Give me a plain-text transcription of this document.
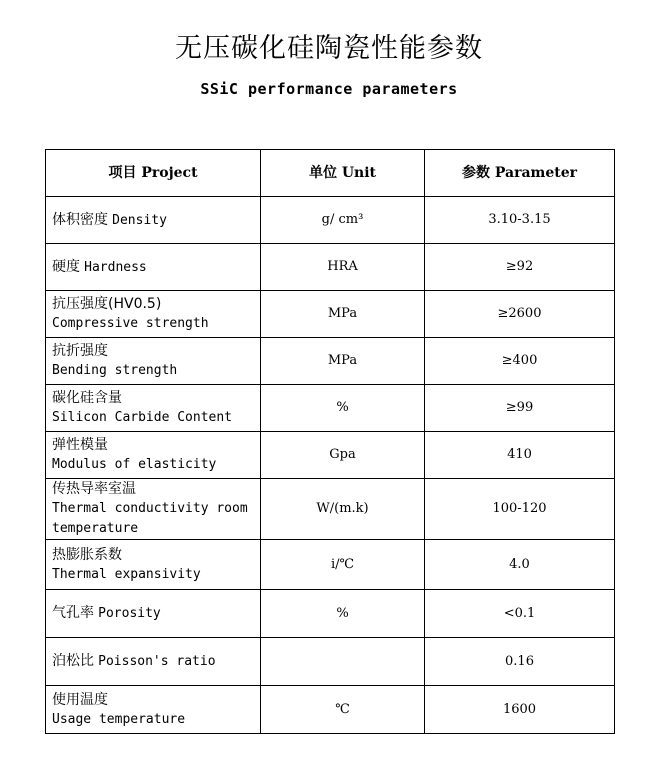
无压碳化硅陶瓷性能参数
SSiC performance parameters
项目 Project	单位 Unit	参数 Parameter
体积密度 Density	g/ cm³	3.10-3.15
硬度 Hardness	HRA	≥92

抗压强度(HV0.5)
Compressive strength	MPa	≥2600

抗折强度
Bending strength	MPa	≥400

碳化硅含量
Silicon Carbide Content	%	≥99

弹性模量
Modulus of elasticity	Gpa	410

传热导率室温
Thermal conductivity room temperature	W/(m.k)	100-120

热膨胀系数
Thermal expansivity	i/℃	4.0
气孔率 Porosity	%	<0.1
泊松比 Poisson's ratio		0.16

使用温度
Usage temperature	℃	1600
